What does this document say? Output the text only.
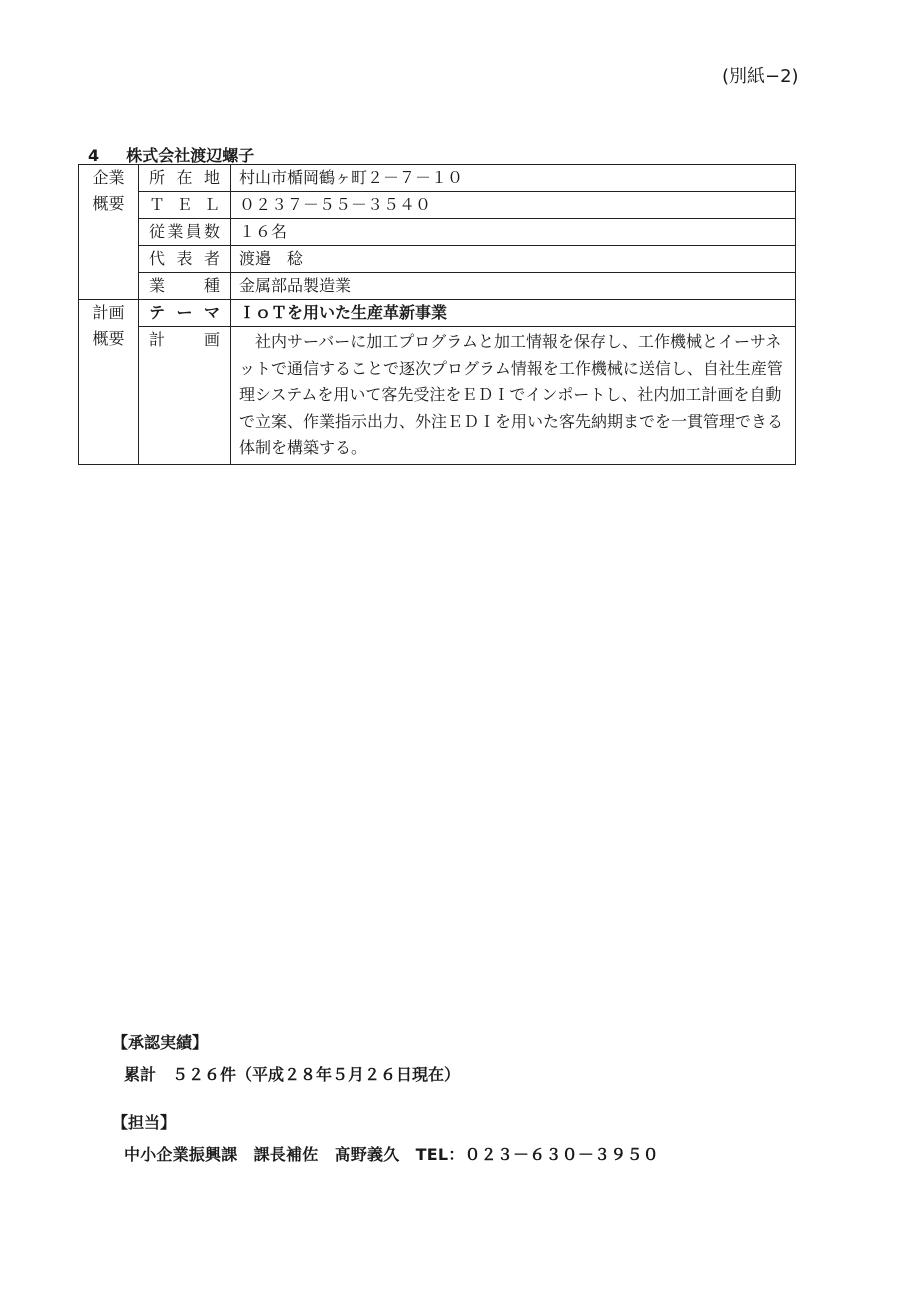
(別紙−2)
4 株式会社渡辺螺子
企業
概要	所在地	村山市楯岡鶴ヶ町２－７－１０
	ＴＥＬ	０２３７－５５－３５４０
	従業員数	１６名
	代表者	渡邉　稔
	業種	金属部品製造業

計画
概要	テーマ	ＩｏＴを用いた生産革新事業
	計画	社内サーバーに加工プログラムと加工情報を保存し、工作機械とイーサネットで通信することで逐次プログラム情報を工作機械に送信し、自社生産管理システムを用いて客先受注をＥＤＩでインポートし、社内加工計画を自動で立案、作業指示出力、外注ＥＤＩを用いた客先納期までを一貫管理できる体制を構築する。
【承認実績】
累計　５２６件（平成２８年５月２６日現在）
【担当】
中小企業振興課　課長補佐　髙野義久　TEL：０２３－６３０－３９５０
